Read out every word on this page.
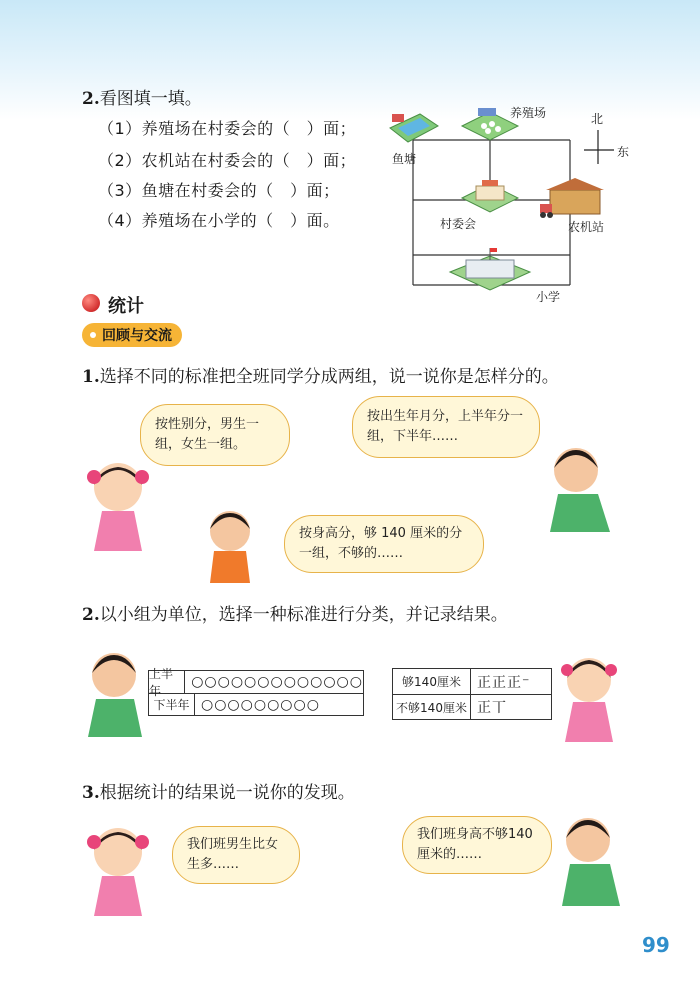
2.看图填一填。
（1）养殖场在村委会的（　）面；
（2）农机站在村委会的（　）面；
（3）鱼塘在村委会的（　）面；
（4）养殖场在小学的（　）面。
鱼塘
养殖场
村委会	农机站
小学
北
东
统计
回顾与交流
1.选择不同的标准把全班同学分成两组，说一说你是怎样分的。
按性别分，男生一组，女生一组。
按出生年月分，上半年分一组，下半年……
按身高分，够 140 厘米的分一组，不够的……
2.以小组为单位，选择一种标准进行分类，并记录结果。
上半年
○○○○○○○○○○○○○
下半年 ○○○○○○○○○
够140厘米	正正正⁻
不够140厘米 正丅
3.根据统计的结果说一说你的发现。
我们班男生比女生多……
我们班身高不够140厘米的……
99
